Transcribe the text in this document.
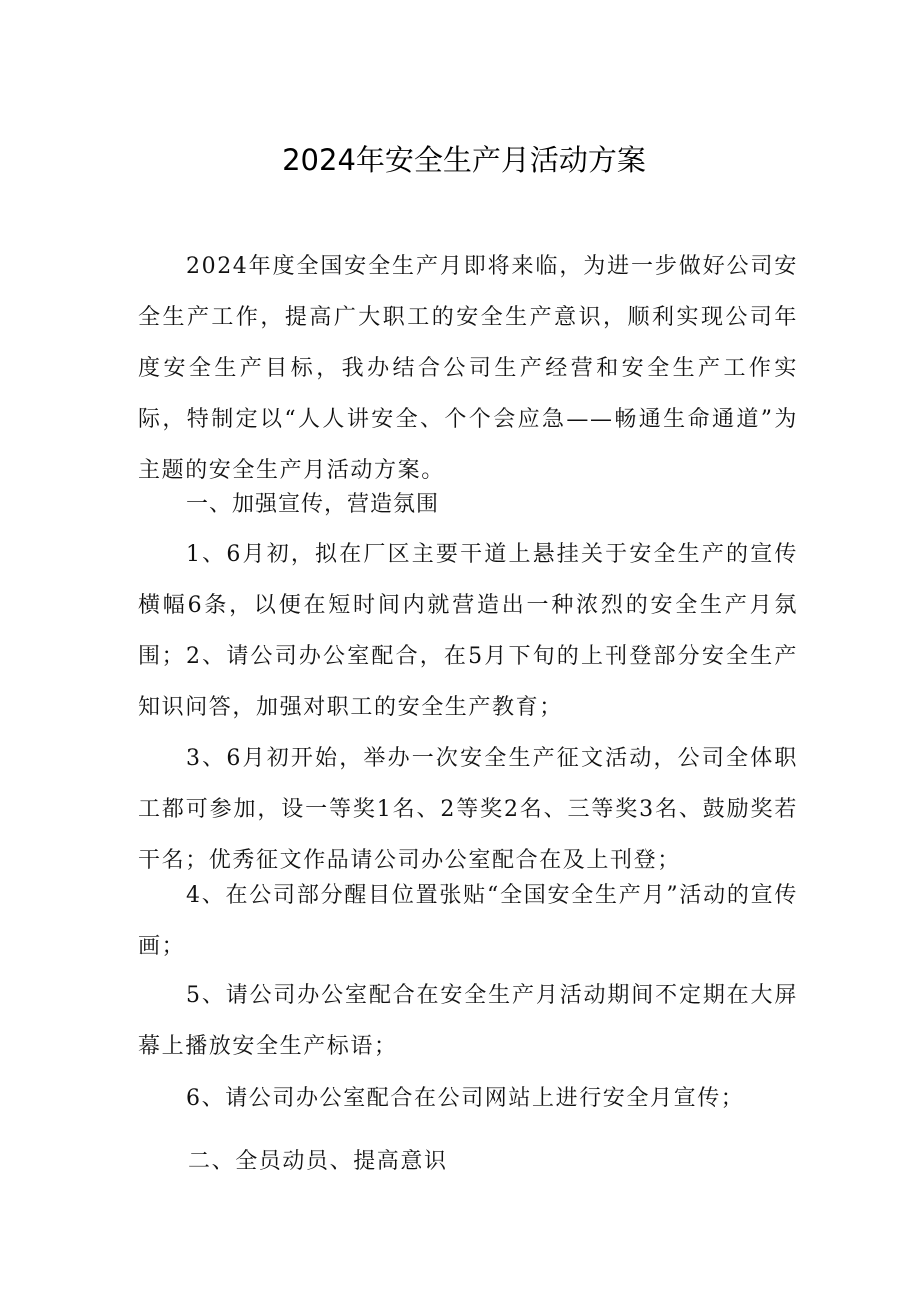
2024年安全生产月活动方案

2024年度全国安全生产月即将来临，为进一步做好公司安全生产工作，提高广大职工的安全生产意识，顺利实现公司年度安全生产目标，我办结合公司生产经营和安全生产工作实际，特制定以“人人讲安全、个个会应急——畅通生命通道”为主题的安全生产月活动方案。

一、加强宣传，营造氛围

1、6月初，拟在厂区主要干道上悬挂关于安全生产的宣传横幅6条，以便在短时间内就营造出一种浓烈的安全生产月氛围； 2、请公司办公室配合，在5月下旬的上刊登部分安全生产知识问答，加强对职工的安全生产教育；

3、6月初开始，举办一次安全生产征文活动，公司全体职工都可参加，设一等奖1名、2等奖2名、三等奖3名、鼓励奖若干名；优秀征文作品请公司办公室配合在及上刊登；

4、在公司部分醒目位置张贴“全国安全生产月”活动的宣传画；

5、请公司办公室配合在安全生产月活动期间不定期在大屏幕上播放安全生产标语；

6、请公司办公室配合在公司网站上进行安全月宣传；

二、全员动员、提高意识
